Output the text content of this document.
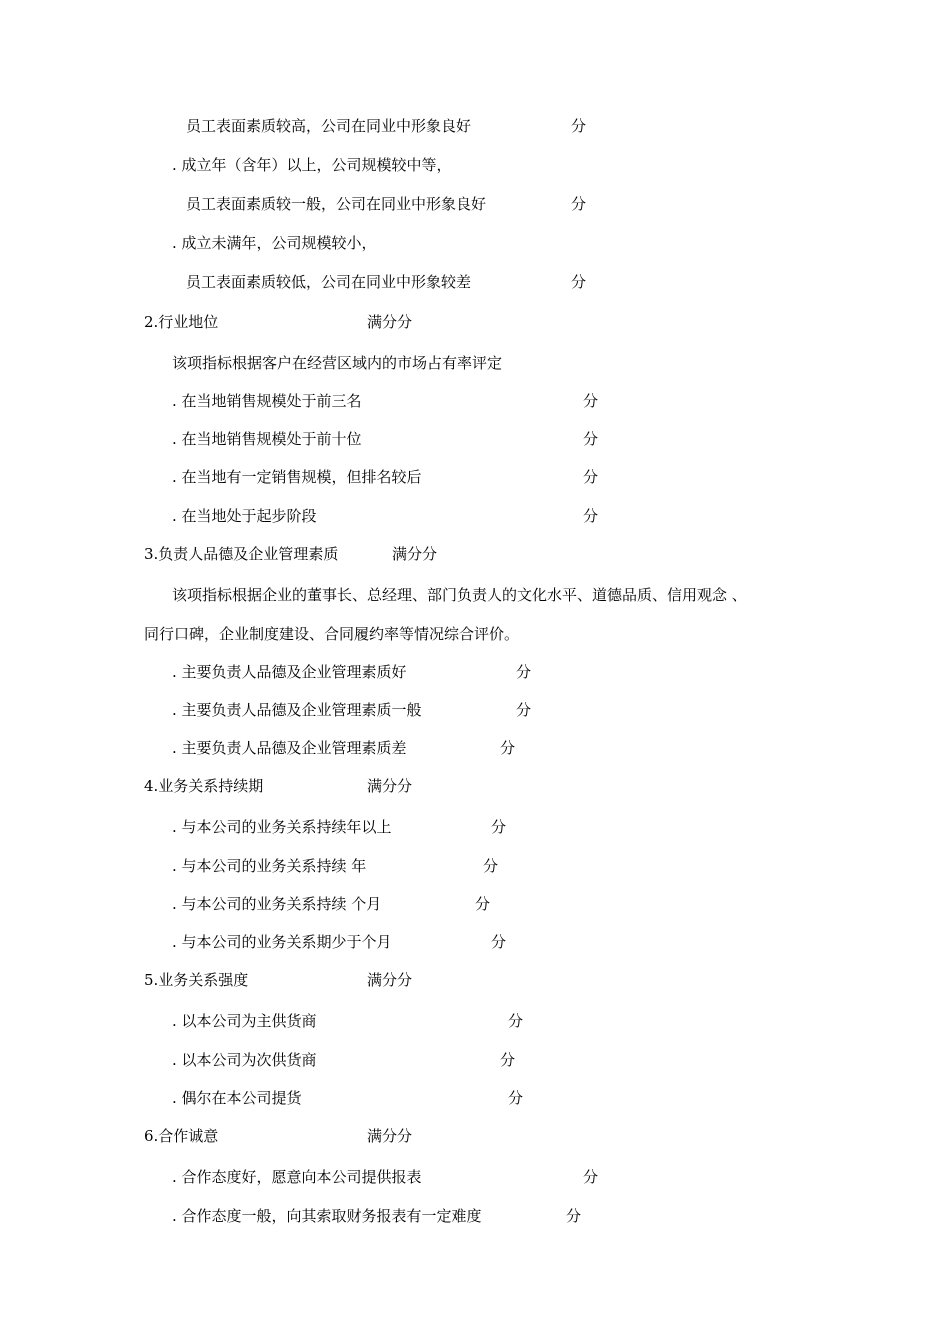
员工表面素质较高，公司在同业中形象良好	分
. 成立年（含年）以上，公司规模较中等，
员工表面素质较一般，公司在同业中形象良好	分
. 成立未满年，公司规模较小，
员工表面素质较低，公司在同业中形象较差	分
2.行业地位	满分分
该项指标根据客户在经营区域内的市场占有率评定
. 在当地销售规模处于前三名	分
. 在当地销售规模处于前十位	分
. 在当地有一定销售规模，但排名较后	分
. 在当地处于起步阶段	分
3.负责人品德及企业管理素质	满分分
该项指标根据企业的董事长、总经理、部门负责人的文化水平、道德品质、信用观念 、
同行口碑，企业制度建设、合同履约率等情况综合评价。
. 主要负责人品德及企业管理素质好	分
. 主要负责人品德及企业管理素质一般	分
. 主要负责人品德及企业管理素质差	分
4.业务关系持续期	满分分
. 与本公司的业务关系持续年以上	分
. 与本公司的业务关系持续 年	分
. 与本公司的业务关系持续 个月	分
. 与本公司的业务关系期少于个月	分
5.业务关系强度	满分分
. 以本公司为主供货商	分
. 以本公司为次供货商	分
. 偶尔在本公司提货	分
6.合作诚意	满分分
. 合作态度好，愿意向本公司提供报表	分
. 合作态度一般，向其索取财务报表有一定难度	分
